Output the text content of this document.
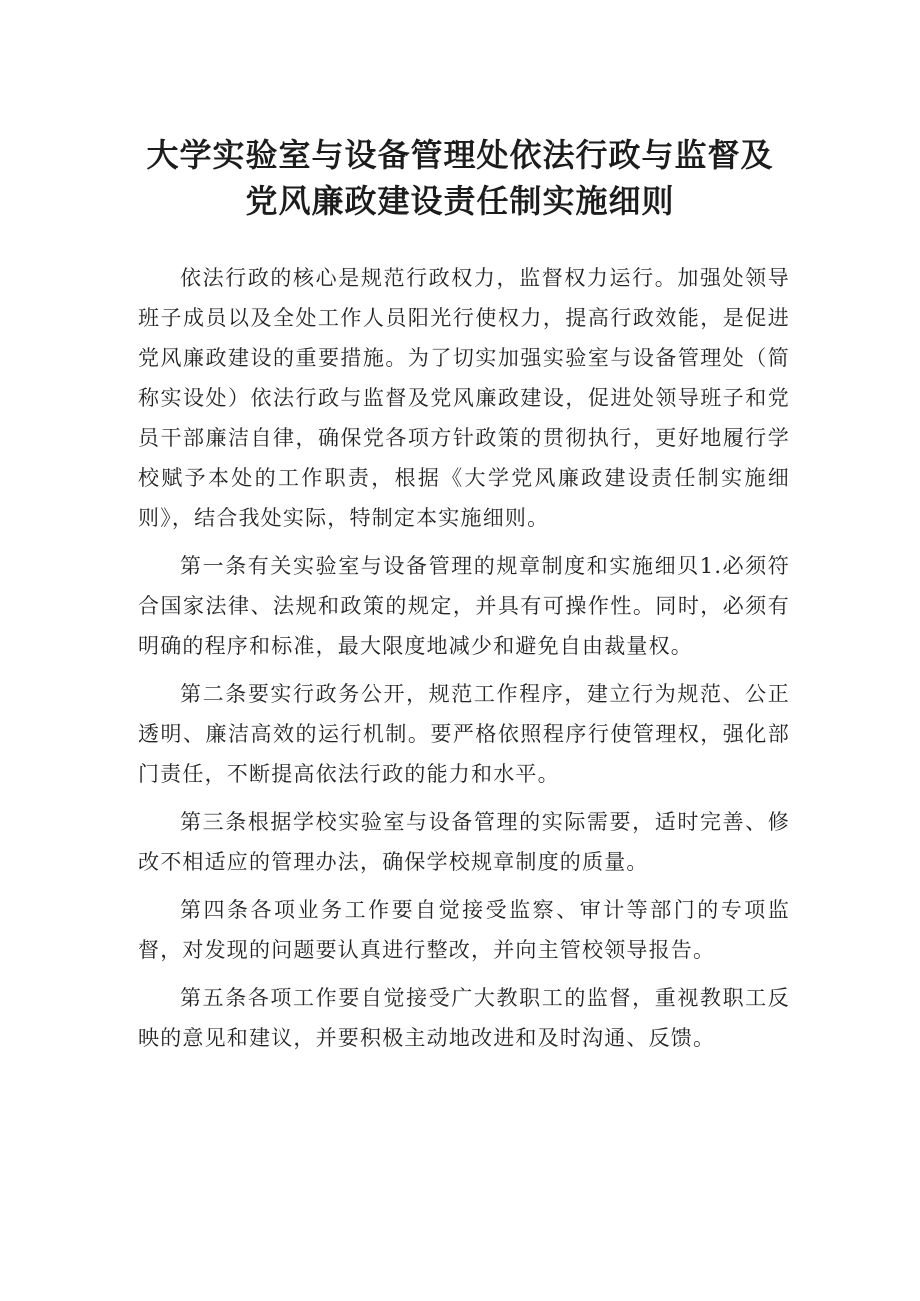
大学实验室与设备管理处依法行政与监督及
党风廉政建设责任制实施细则

依法行政的核心是规范行政权力，监督权力运行。加强处领导班子成员以及全处工作人员阳光行使权力，提高行政效能，是促进党风廉政建设的重要措施。为了切实加强实验室与设备管理处（简称实设处）依法行政与监督及党风廉政建设，促进处领导班子和党员干部廉洁自律，确保党各项方针政策的贯彻执行，更好地履行学校赋予本处的工作职责，根据《大学党风廉政建设责任制实施细则》，结合我处实际，特制定本实施细则。

第一条有关实验室与设备管理的规章制度和实施细贝1.必须符合国家法律、法规和政策的规定，并具有可操作性。同时，必须有明确的程序和标准，最大限度地减少和避免自由裁量权。

第二条要实行政务公开，规范工作程序，建立行为规范、公正透明、廉洁高效的运行机制。要严格依照程序行使管理权，强化部门责任，不断提高依法行政的能力和水平。

第三条根据学校实验室与设备管理的实际需要，适时完善、修改不相适应的管理办法，确保学校规章制度的质量。

第四条各项业务工作要自觉接受监察、审计等部门的专项监督，对发现的问题要认真进行整改，并向主管校领导报告。

第五条各项工作要自觉接受广大教职工的监督，重视教职工反映的意见和建议，并要积极主动地改进和及时沟通、反馈。
